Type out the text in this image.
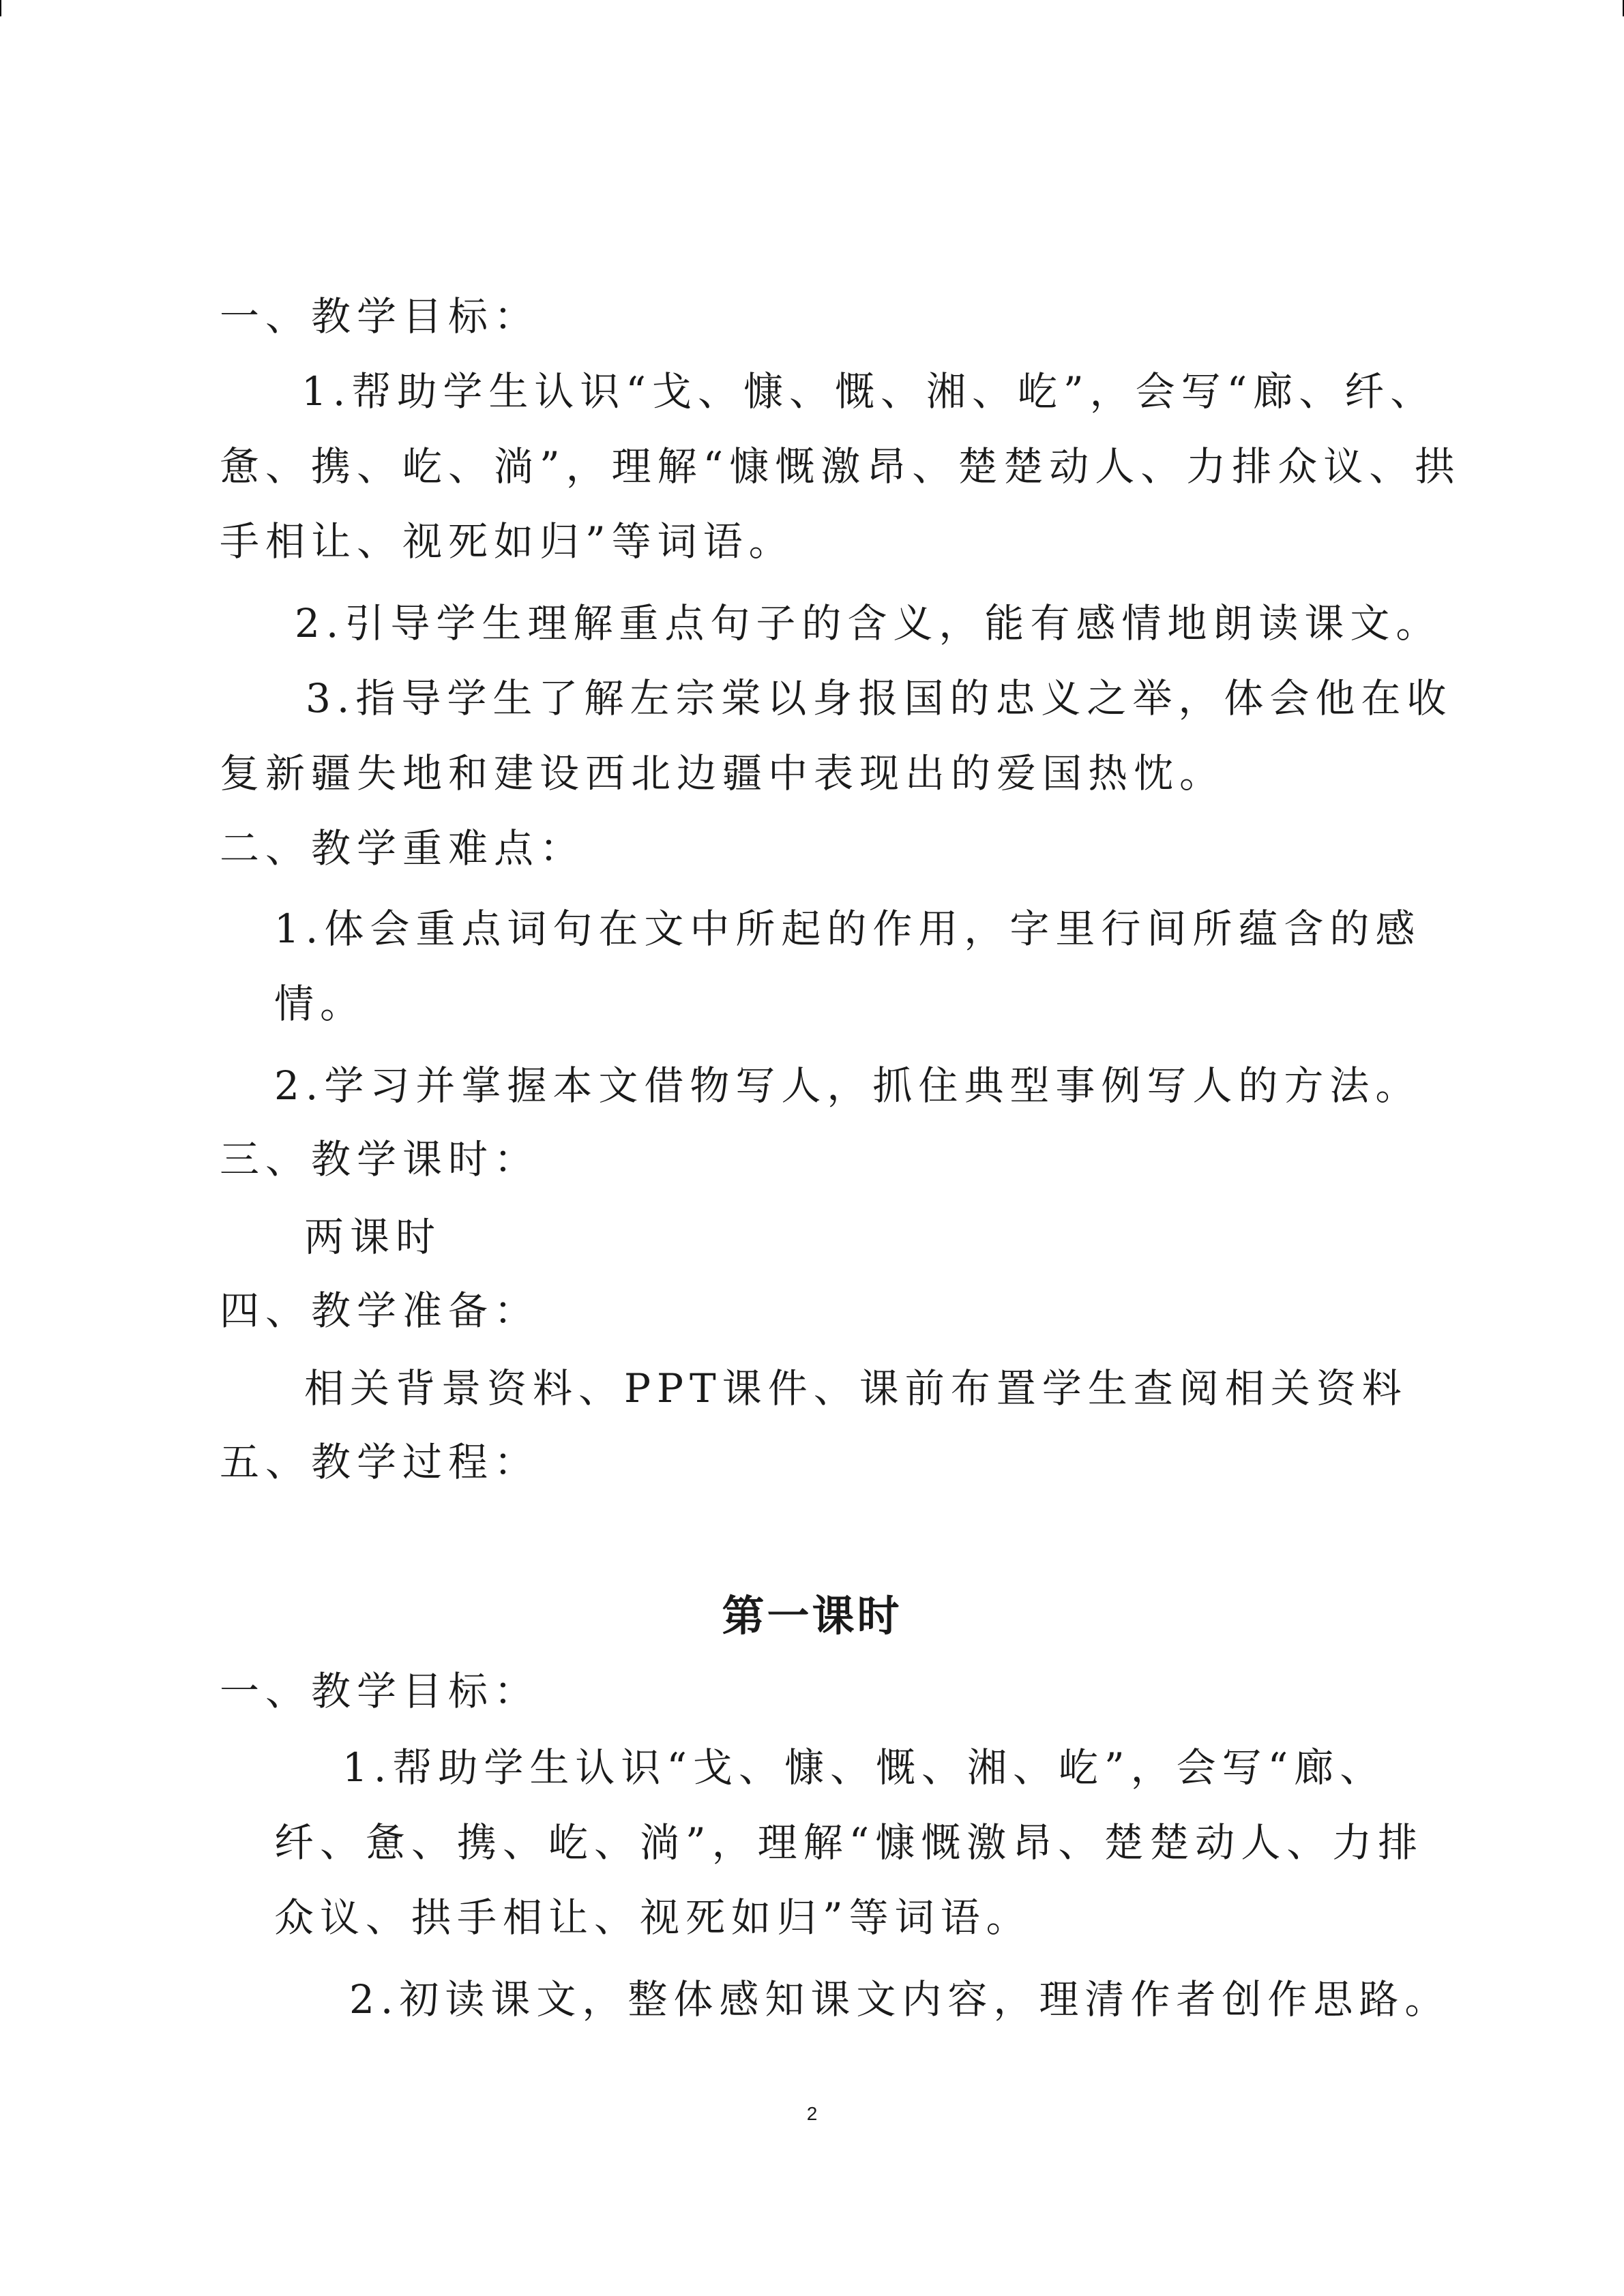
一、教学目标：
1.帮助学生认识“戈、慷、慨、湘、屹”，会写“廊、纤、
惫、携、屹、淌”，理解“慷慨激昂、楚楚动人、力排众议、拱
手相让、视死如归”等词语。
2.引导学生理解重点句子的含义，能有感情地朗读课文。
3.指导学生了解左宗棠以身报国的忠义之举，体会他在收
复新疆失地和建设西北边疆中表现出的爱国热忱。
二、教学重难点：
1.体会重点词句在文中所起的作用，字里行间所蕴含的感
情。
2.学习并掌握本文借物写人，抓住典型事例写人的方法。
三、教学课时：
两课时
四、教学准备：
相关背景资料、PPT课件、课前布置学生查阅相关资料
五、教学过程：
第一课时
一、教学目标：
1.帮助学生认识“戈、慷、慨、湘、屹”，会写“廊、
纤、惫、携、屹、淌”，理解“慷慨激昂、楚楚动人、力排
众议、拱手相让、视死如归”等词语。
2.初读课文，整体感知课文内容，理清作者创作思路。
2
